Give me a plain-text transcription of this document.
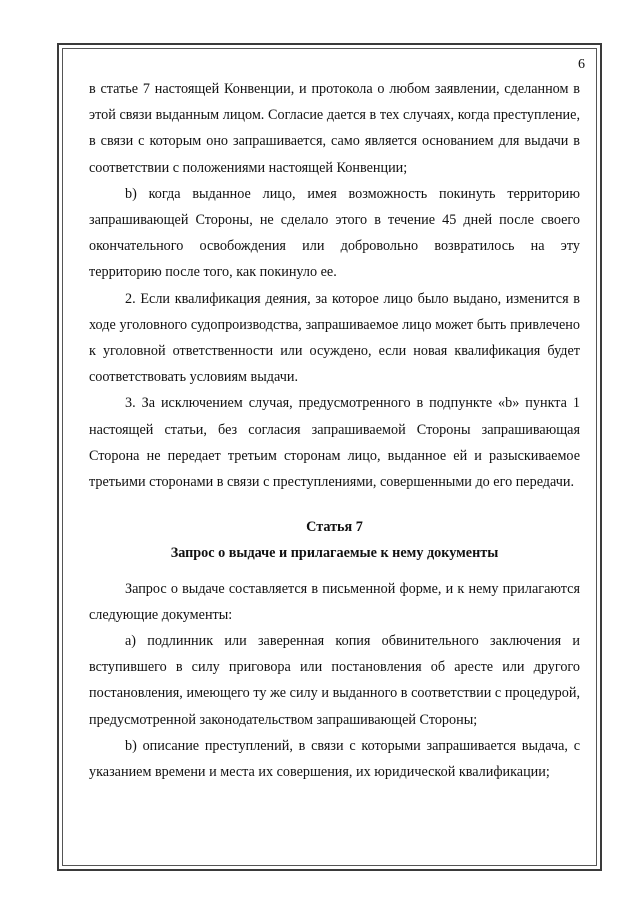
6

в статье 7 настоящей Конвенции, и протокола о любом заявлении, сделанном в этой связи выданным лицом. Согласие дается в тех случаях, когда преступление, в связи с которым оно запрашивается, само является основанием для выдачи в соответствии с положениями настоящей Конвенции;

b) когда выданное лицо, имея возможность покинуть территорию запрашивающей Стороны, не сделало этого в течение 45 дней после своего окончательного освобождения или добровольно возвратилось на эту территорию после того, как покинуло ее.

2. Если квалификация деяния, за которое лицо было выдано, изменится в ходе уголовного судопроизводства, запрашиваемое лицо может быть привлечено к уголовной ответственности или осуждено, если новая квалификация будет соответствовать условиям выдачи.

3. За исключением случая, предусмотренного в подпункте «b» пункта 1 настоящей статьи, без согласия запрашиваемой Стороны запрашивающая Сторона не передает третьим сторонам лицо, выданное ей и разыскиваемое третьими сторонами в связи с преступлениями, совершенными до его передачи.

Статья 7

Запрос о выдаче и прилагаемые к нему документы

Запрос о выдаче составляется в письменной форме, и к нему прилагаются следующие документы:

a) подлинник или заверенная копия обвинительного заключения и вступившего в силу приговора или постановления об аресте или другого постановления, имеющего ту же силу и выданного в соответствии с процедурой, предусмотренной законодательством запрашивающей Стороны;

b) описание преступлений, в связи с которыми запрашивается выдача, с указанием времени и места их совершения, их юридической квалификации;
